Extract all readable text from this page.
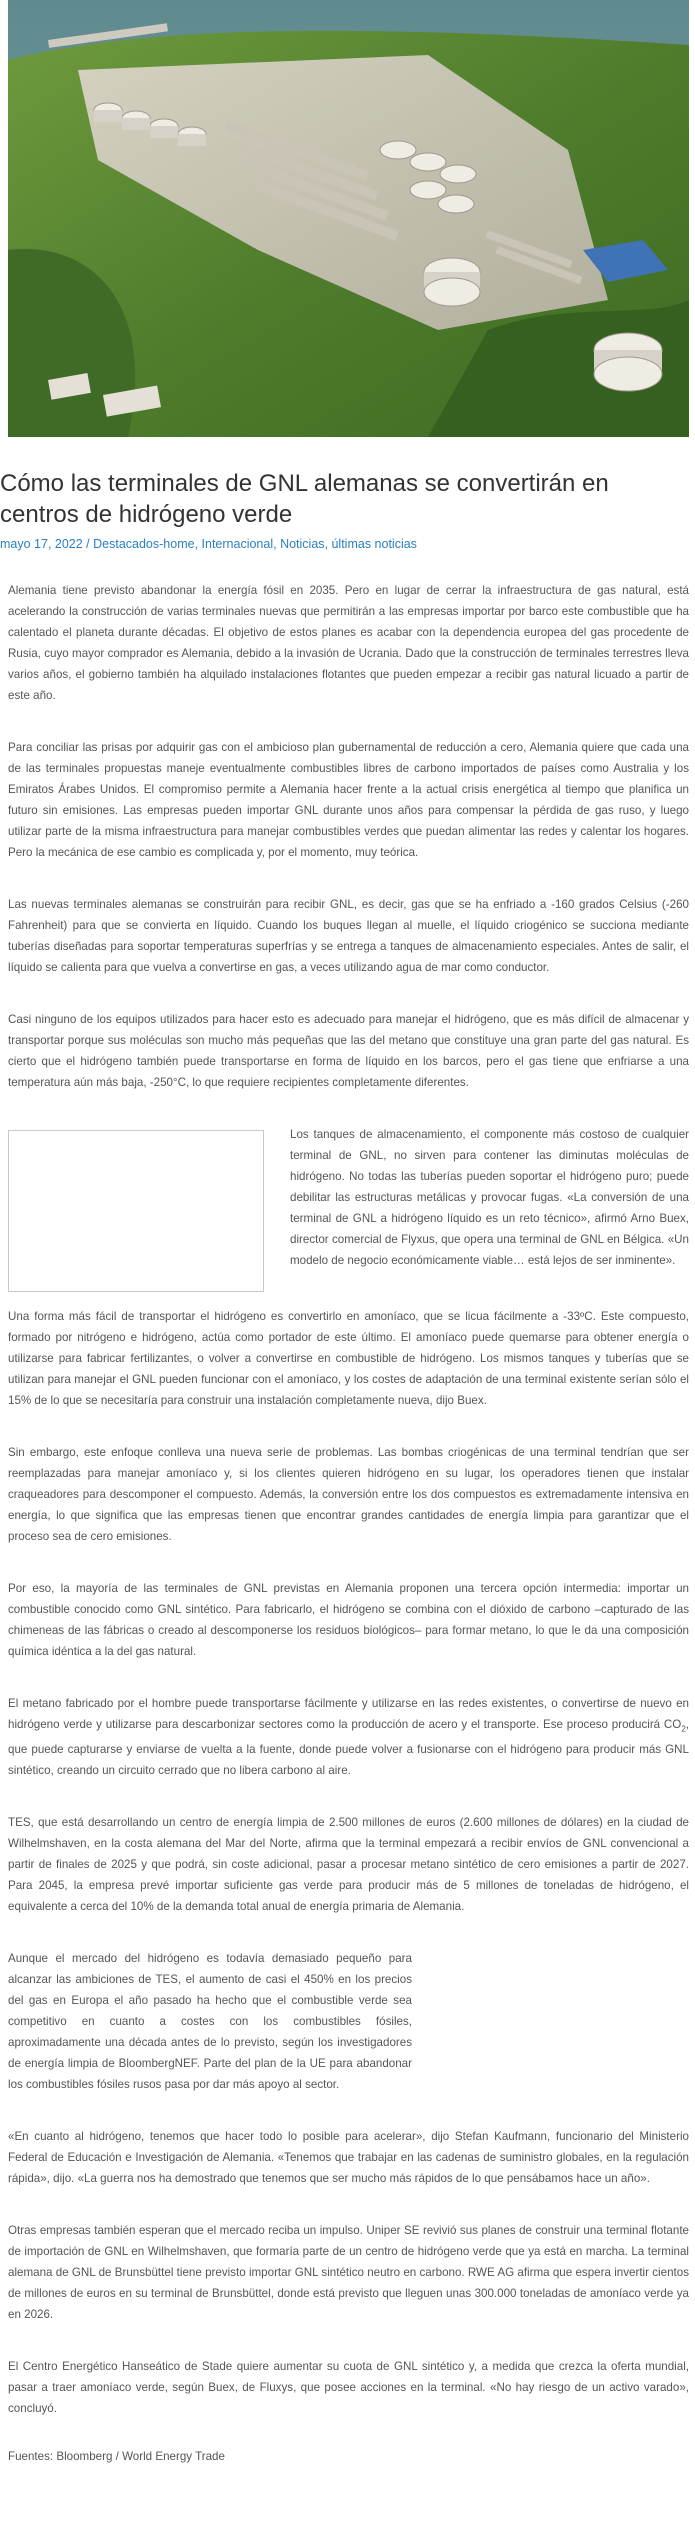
Cómo las terminales de GNL alemanas se convertirán en centros de hidrógeno verde
mayo 17, 2022 / Destacados-home, Internacional, Noticias, últimas noticias

Alemania tiene previsto abandonar la energía fósil en 2035. Pero en lugar de cerrar la infraestructura de gas natural, está acelerando la construcción de varias terminales nuevas que permitirán a las empresas importar por barco este combustible que ha calentado el planeta durante décadas. El objetivo de estos planes es acabar con la dependencia europea del gas procedente de Rusia, cuyo mayor comprador es Alemania, debido a la invasión de Ucrania. Dado que la construcción de terminales terrestres lleva varios años, el gobierno también ha alquilado instalaciones flotantes que pueden empezar a recibir gas natural licuado a partir de este año.

Para conciliar las prisas por adquirir gas con el ambicioso plan gubernamental de reducción a cero, Alemania quiere que cada una de las terminales propuestas maneje eventualmente combustibles libres de carbono importados de países como Australia y los Emiratos Árabes Unidos. El compromiso permite a Alemania hacer frente a la actual crisis energética al tiempo que planifica un futuro sin emisiones. Las empresas pueden importar GNL durante unos años para compensar la pérdida de gas ruso, y luego utilizar parte de la misma infraestructura para manejar combustibles verdes que puedan alimentar las redes y calentar los hogares. Pero la mecánica de ese cambio es complicada y, por el momento, muy teórica.

Las nuevas terminales alemanas se construirán para recibir GNL, es decir, gas que se ha enfriado a -160 grados Celsius (-260 Fahrenheit) para que se convierta en líquido. Cuando los buques llegan al muelle, el líquido criogénico se succiona mediante tuberías diseñadas para soportar temperaturas superfrías y se entrega a tanques de almacenamiento especiales. Antes de salir, el líquido se calienta para que vuelva a convertirse en gas, a veces utilizando agua de mar como conductor.

Casi ninguno de los equipos utilizados para hacer esto es adecuado para manejar el hidrógeno, que es más difícil de almacenar y transportar porque sus moléculas son mucho más pequeñas que las del metano que constituye una gran parte del gas natural. Es cierto que el hidrógeno también puede transportarse en forma de líquido en los barcos, pero el gas tiene que enfriarse a una temperatura aún más baja, -250°C, lo que requiere recipientes completamente diferentes.

Los tanques de almacenamiento, el componente más costoso de cualquier terminal de GNL, no sirven para contener las diminutas moléculas de hidrógeno. No todas las tuberías pueden soportar el hidrógeno puro; puede debilitar las estructuras metálicas y provocar fugas. «La conversión de una terminal de GNL a hidrógeno líquido es un reto técnico», afirmó Arno Buex, director comercial de Flyxus, que opera una terminal de GNL en Bélgica. «Un modelo de negocio económicamente viable… está lejos de ser inminente».

Una forma más fácil de transportar el hidrógeno es convertirlo en amoníaco, que se licua fácilmente a -33ºC. Este compuesto, formado por nitrógeno e hidrógeno, actúa como portador de este último. El amoníaco puede quemarse para obtener energía o utilizarse para fabricar fertilizantes, o volver a convertirse en combustible de hidrógeno. Los mismos tanques y tuberías que se utilizan para manejar el GNL pueden funcionar con el amoníaco, y los costes de adaptación de una terminal existente serían sólo el 15% de lo que se necesitaría para construir una instalación completamente nueva, dijo Buex.

Sin embargo, este enfoque conlleva una nueva serie de problemas. Las bombas criogénicas de una terminal tendrían que ser reemplazadas para manejar amoníaco y, si los clientes quieren hidrógeno en su lugar, los operadores tienen que instalar craqueadores para descomponer el compuesto. Además, la conversión entre los dos compuestos es extremadamente intensiva en energía, lo que significa que las empresas tienen que encontrar grandes cantidades de energía limpia para garantizar que el proceso sea de cero emisiones.

Por eso, la mayoría de las terminales de GNL previstas en Alemania proponen una tercera opción intermedia: importar un combustible conocido como GNL sintético. Para fabricarlo, el hidrógeno se combina con el dióxido de carbono –capturado de las chimeneas de las fábricas o creado al descomponerse los residuos biológicos– para formar metano, lo que le da una composición química idéntica a la del gas natural.

El metano fabricado por el hombre puede transportarse fácilmente y utilizarse en las redes existentes, o convertirse de nuevo en hidrógeno verde y utilizarse para descarbonizar sectores como la producción de acero y el transporte. Ese proceso producirá $CO_2$, que puede capturarse y enviarse de vuelta a la fuente, donde puede volver a fusionarse con el hidrógeno para producir más GNL sintético, creando un circuito cerrado que no libera carbono al aire.

TES, que está desarrollando un centro de energía limpia de 2.500 millones de euros (2.600 millones de dólares) en la ciudad de Wilhelmshaven, en la costa alemana del Mar del Norte, afirma que la terminal empezará a recibir envíos de GNL convencional a partir de finales de 2025 y que podrá, sin coste adicional, pasar a procesar metano sintético de cero emisiones a partir de 2027. Para 2045, la empresa prevé importar suficiente gas verde para producir más de 5 millones de toneladas de hidrógeno, el equivalente a cerca del 10% de la demanda total anual de energía primaria de Alemania.

Aunque el mercado del hidrógeno es todavía demasiado pequeño para alcanzar las ambiciones de TES, el aumento de casi el 450% en los precios del gas en Europa el año pasado ha hecho que el combustible verde sea competitivo en cuanto a costes con los combustibles fósiles, aproximadamente una década antes de lo previsto, según los investigadores de energía limpia de BloombergNEF. Parte del plan de la UE para abandonar los combustibles fósiles rusos pasa por dar más apoyo al sector.

«En cuanto al hidrógeno, tenemos que hacer todo lo posible para acelerar», dijo Stefan Kaufmann, funcionario del Ministerio Federal de Educación e Investigación de Alemania. «Tenemos que trabajar en las cadenas de suministro globales, en la regulación rápida», dijo. «La guerra nos ha demostrado que tenemos que ser mucho más rápidos de lo que pensábamos hace un año».

Otras empresas también esperan que el mercado reciba un impulso. Uniper SE revivió sus planes de construir una terminal flotante de importación de GNL en Wilhelmshaven, que formaría parte de un centro de hidrógeno verde que ya está en marcha. La terminal alemana de GNL de Brunsbüttel tiene previsto importar GNL sintético neutro en carbono. RWE AG afirma que espera invertir cientos de millones de euros en su terminal de Brunsbüttel, donde está previsto que lleguen unas 300.000 toneladas de amoníaco verde ya en 2026.

El Centro Energético Hanseático de Stade quiere aumentar su cuota de GNL sintético y, a medida que crezca la oferta mundial, pasar a traer amoníaco verde, según Buex, de Fluxys, que posee acciones en la terminal. «No hay riesgo de un activo varado», concluyó.

Fuentes: Bloomberg / World Energy Trade
